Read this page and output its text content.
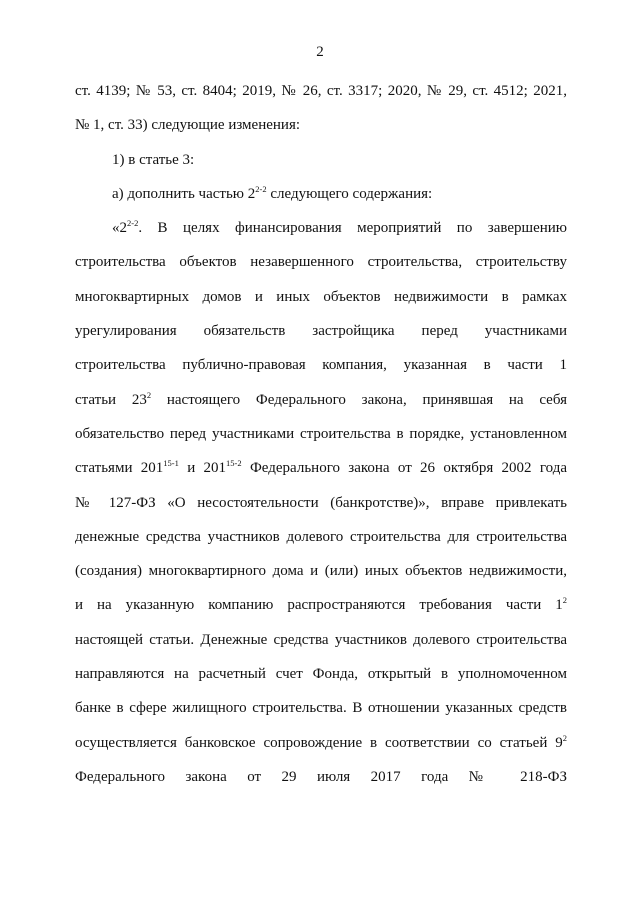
2
ст. 4139; № 53, ст. 8404; 2019, № 26, ст. 3317; 2020, № 29, ст. 4512; 2021,
№ 1, ст. 33) следующие изменения:
1) в статье 3:
а) дополнить частью 2$^{2-2}$ следующего содержания:
«2$^{2-2}$. В целях финансирования мероприятий по завершению
строительства объектов незавершенного строительства, строительству
многоквартирных домов и иных объектов недвижимости в рамках
урегулирования обязательств застройщика перед участниками
строительства публично-правовая компания, указанная в части 1
статьи $23^2$ настоящего Федерального закона, принявшая на себя
обязательство перед участниками строительства в порядке, установленном
статьями 201$^{15-1}$ и 201$^{15-2}$ Федерального закона от 26 октября 2002 года
№ 127-ФЗ «О несостоятельности (банкротстве)», вправе привлекать
денежные средства участников долевого строительства для строительства
(создания) многоквартирного дома и (или) иных объектов недвижимости,
и на указанную компанию распространяются требования части $1^2$
настоящей статьи. Денежные средства участников долевого строительства
направляются на расчетный счет Фонда, открытый в уполномоченном
банке в сфере жилищного строительства. В отношении указанных средств
осуществляется банковское сопровождение в соответствии со статьей $9^2$
Федерального закона от 29 июля 2017 года № 218-ФЗ
